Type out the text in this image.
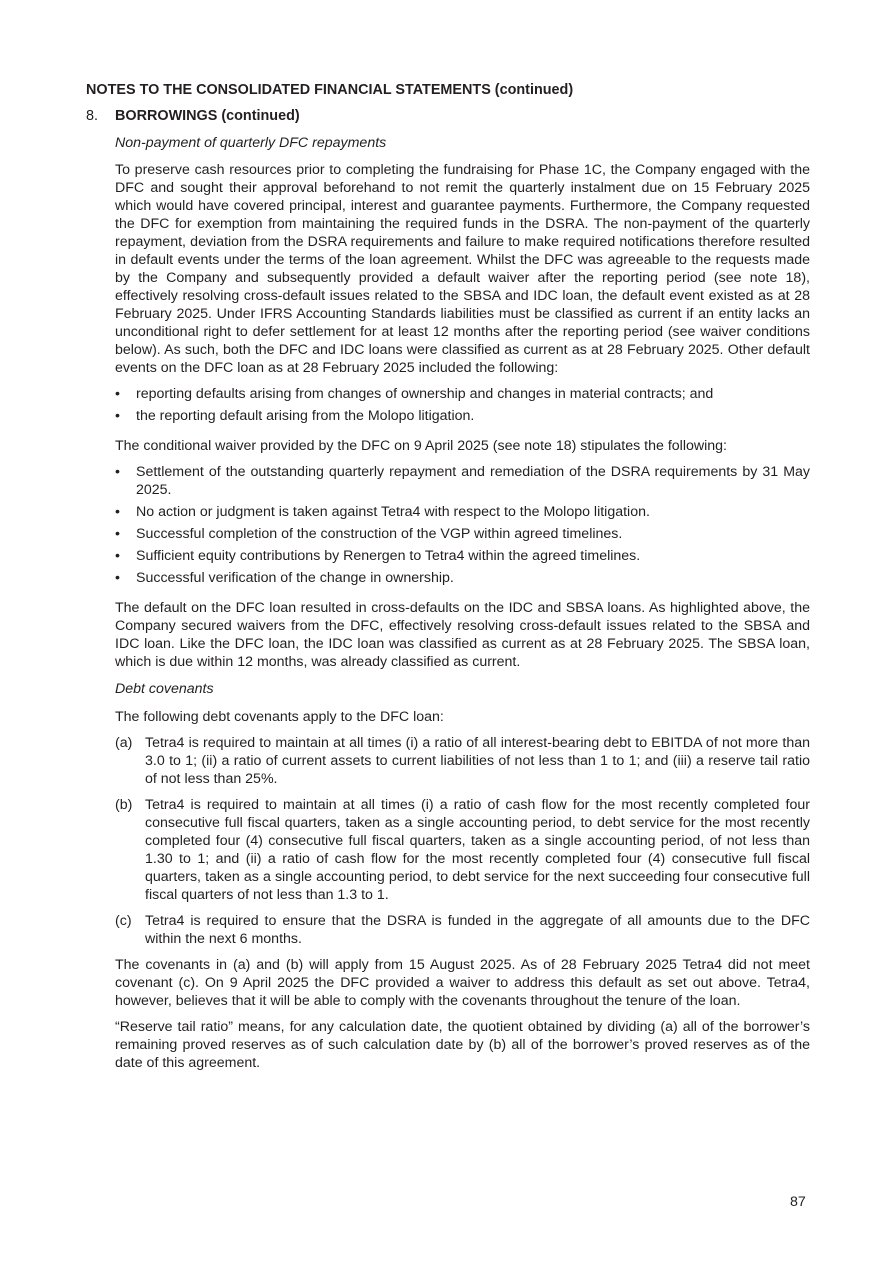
NOTES TO THE CONSOLIDATED FINANCIAL STATEMENTS (continued)
8.	BORROWINGS (continued)
Non-payment of quarterly DFC repayments

To preserve cash resources prior to completing the fundraising for Phase 1C, the Company engaged with the DFC and sought their approval beforehand to not remit the quarterly instalment due on 15 February 2025 which would have covered principal, interest and guarantee payments. Furthermore, the Company requested the DFC for exemption from maintaining the required funds in the DSRA. The non-payment of the quarterly repayment, deviation from the DSRA requirements and failure to make required notifications therefore resulted in default events under the terms of the loan agreement. Whilst the DFC was agreeable to the requests made by the Company and subsequently provided a default waiver after the reporting period (see note 18), effectively resolving cross-default issues related to the SBSA and IDC loan, the default event existed as at 28 February 2025. Under IFRS Accounting Standards liabilities must be classified as current if an entity lacks an unconditional right to defer settlement for at least 12 months after the reporting period (see waiver conditions below). As such, both the DFC and IDC loans were classified as current as at 28 February 2025. Other default events on the DFC loan as at 28 February 2025 included the following:

• reporting defaults arising from changes of ownership and changes in material contracts; and
• the reporting default arising from the Molopo litigation.

The conditional waiver provided by the DFC on 9 April 2025 (see note 18) stipulates the following:

• Settlement of the outstanding quarterly repayment and remediation of the DSRA requirements by 31 May 2025.
• No action or judgment is taken against Tetra4 with respect to the Molopo litigation.
• Successful completion of the construction of the VGP within agreed timelines.
• Sufficient equity contributions by Renergen to Tetra4 within the agreed timelines.
• Successful verification of the change in ownership.

The default on the DFC loan resulted in cross-defaults on the IDC and SBSA loans. As highlighted above, the Company secured waivers from the DFC, effectively resolving cross-default issues related to the SBSA and IDC loan. Like the DFC loan, the IDC loan was classified as current as at 28 February 2025. The SBSA loan, which is due within 12 months, was already classified as current.

Debt covenants

The following debt covenants apply to the DFC loan:

(a) Tetra4 is required to maintain at all times (i) a ratio of all interest-bearing debt to EBITDA of not more than 3.0 to 1; (ii) a ratio of current assets to current liabilities of not less than 1 to 1; and (iii) a reserve tail ratio of not less than 25%.
(b) Tetra4 is required to maintain at all times (i) a ratio of cash flow for the most recently completed four consecutive full fiscal quarters, taken as a single accounting period, to debt service for the most recently completed four (4) consecutive full fiscal quarters, taken as a single accounting period, of not less than 1.30 to 1; and (ii) a ratio of cash flow for the most recently completed four (4) consecutive full fiscal quarters, taken as a single accounting period, to debt service for the next succeeding four consecutive full fiscal quarters of not less than 1.3 to 1.
(c) Tetra4 is required to ensure that the DSRA is funded in the aggregate of all amounts due to the DFC within the next 6 months.

The covenants in (a) and (b) will apply from 15 August 2025. As of 28 February 2025 Tetra4 did not meet covenant (c). On 9 April 2025 the DFC provided a waiver to address this default as set out above. Tetra4, however, believes that it will be able to comply with the covenants throughout the tenure of the loan.

“Reserve tail ratio” means, for any calculation date, the quotient obtained by dividing (a) all of the borrower’s remaining proved reserves as of such calculation date by (b) all of the borrower’s proved reserves as of the date of this agreement.

87
